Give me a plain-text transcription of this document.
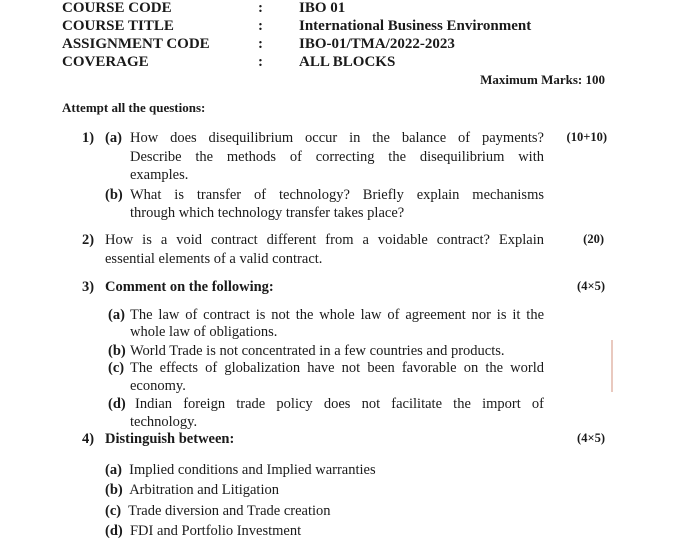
COURSE CODE	: IBO 01
COURSE TITLE	: International Business Environment
ASSIGNMENT CODE	: IBO-01/TMA/2022-2023
COVERAGE	: ALL BLOCKS
Maximum Marks: 100
Attempt all the questions:
1) (a) How does disequilibrium occur in the balance of payments? (10+10)
Describe the methods of correcting the disequilibrium with
examples.
(b) What is transfer of technology? Briefly explain mechanisms
through which technology transfer takes place?
2) How is a void contract different from a voidable contract? Explain	(20)
essential elements of a valid contract.
3) Comment on the following:	(4×5)
(a) The law of contract is not the whole law of agreement nor is it the
whole law of obligations.
(b) World Trade is not concentrated in a few countries and products.
(c) The effects of globalization have not been favorable on the world
economy.
(d) Indian foreign trade policy does not facilitate the import of
technology.
4) Distinguish between:	(4×5)
(a) Implied conditions and Implied warranties
(b) Arbitration and Litigation
(c) Trade diversion and Trade creation
(d) FDI and Portfolio Investment
